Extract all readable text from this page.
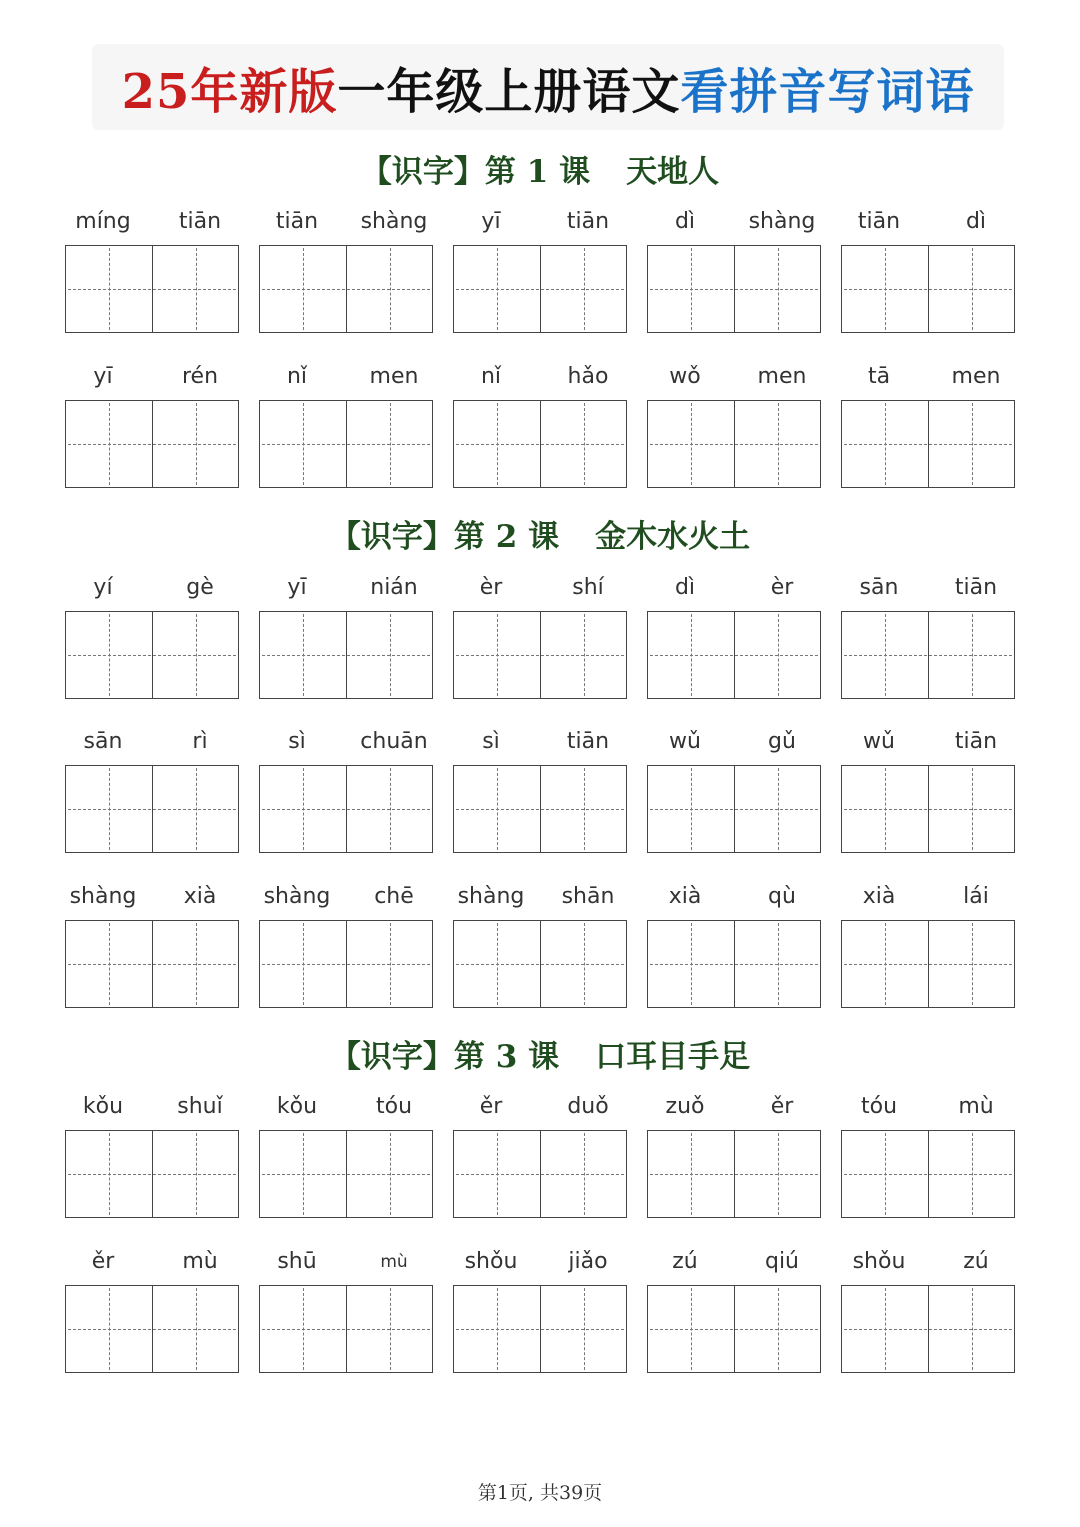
25年新版 一年级上册语文 看拼音写词语
【识字】第 1 课 天地人
míng	tiān	tiān	shàng	yī	tiān	dì	shàng	tiān	dì
yī	rén	nǐ	men	nǐ	hǎo	wǒ	men	tā	men
【识字】第 2 课 金木水火土
yí	gè	yī	nián	èr	shí	dì	èr	sān	tiān
sān	rì	sì	chuān	sì	tiān	wǔ	gǔ	wǔ	tiān
shàng	xià	shàng	chē	shàng	shān	xià	qù	xià	lái
【识字】第 3 课 口耳目手足
kǒu	shuǐ	kǒu	tóu	ěr	duǒ	zuǒ	ěr	tóu	mù
ěr	mù	shū	mù	shǒu	jiǎo	zú	qiú	shǒu	zú
第1页, 共39页
